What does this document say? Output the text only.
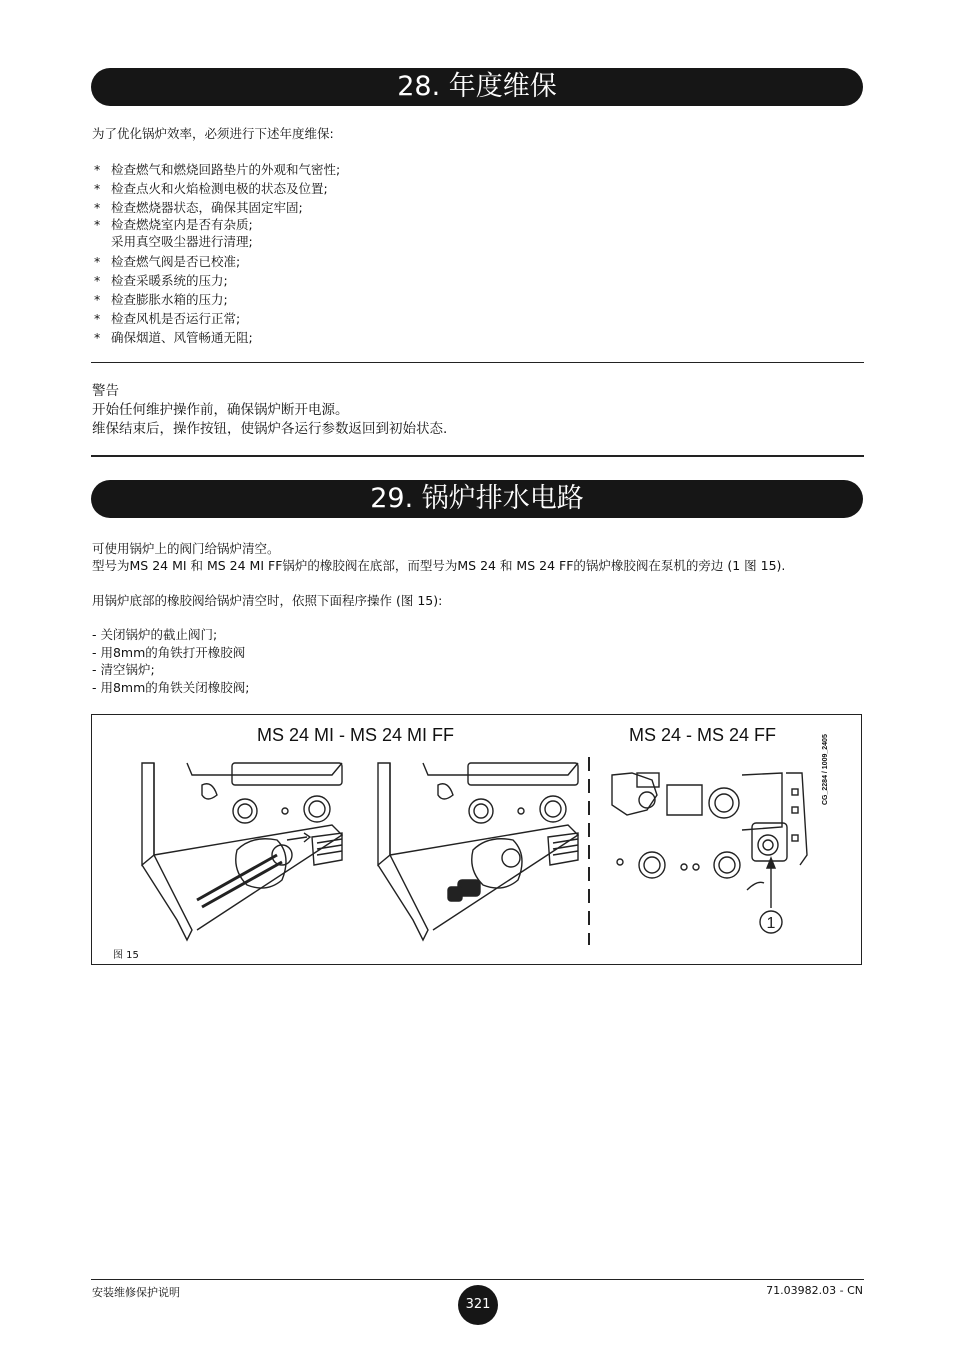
28. 年度维保

为了优化锅炉效率，必须进行下述年度维保:

* 检查燃气和燃烧回路垫片的外观和气密性;
* 检查点火和火焰检测电极的状态及位置;
* 检查燃烧器状态，确保其固定牢固;
* 检查燃烧室内是否有杂质;
采用真空吸尘器进行清理;
* 检查燃气阀是否已校准;
* 检查采暖系统的压力;
* 检查膨胀水箱的压力;
* 检查风机是否运行正常;
* 确保烟道、风管畅通无阻;

警告

开始任何维护操作前，确保锅炉断开电源。

维保结束后，操作按钮，使锅炉各运行参数返回到初始状态.

29. 锅炉排水电路

可使用锅炉上的阀门给锅炉清空。

型号为MS 24 MI 和 MS 24 MI FF锅炉的橡胶阀在底部，而型号为MS 24 和 MS 24 FF的锅炉橡胶阀在泵机的旁边 (1 图 15).

用锅炉底部的橡胶阀给锅炉清空时，依照下面程序操作 (图 15):

- 关闭锅炉的截止阀门;
- 用8mm的角铁打开橡胶阀
- 清空锅炉;
- 用8mm的角铁关闭橡胶阀;
MS 24 MI - MS 24 MI FF	MS 24 - MS 24 FF	CG_2284 / 1009_2405
1
图 15
安装维修保护说明
321
71.03982.03 - CN
